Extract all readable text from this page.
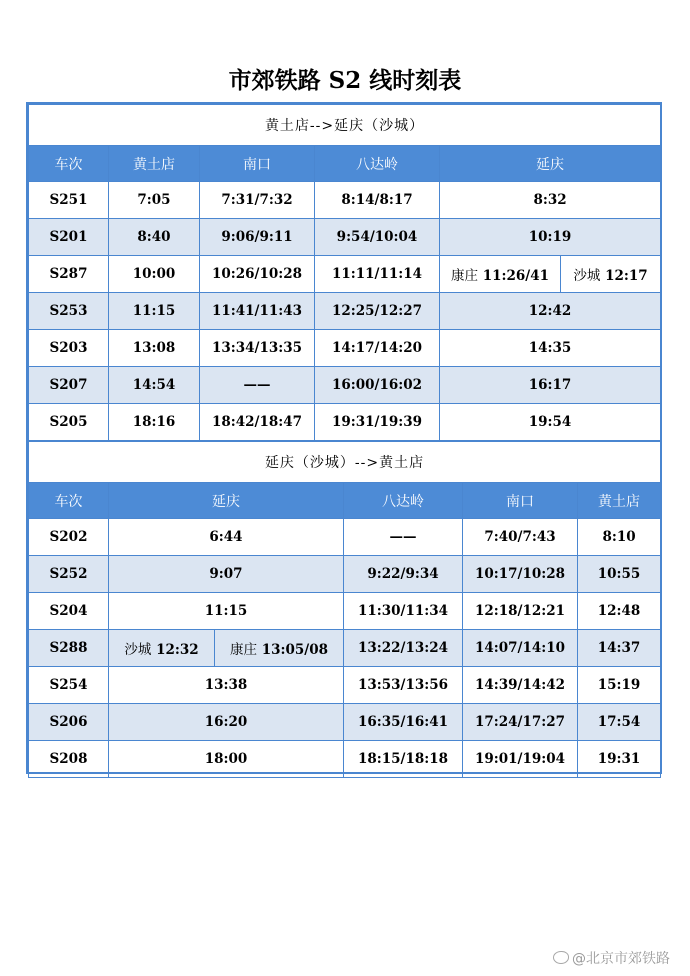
市郊铁路 S2 线时刻表
黄土店-->延庆（沙城）					
车次	黄土店	南口	八达岭	延庆	
S251	7:05	7:31/7:32	8:14/8:17	8:32	
S201	8:40	9:06/9:11	9:54/10:04	10:19	
S287	10:00	10:26/10:28	11:11/11:14	康庄 11:26/41	沙城 12:17
S253	11:15	11:41/11:43	12:25/12:27	12:42	
S203	13:08	13:34/13:35	14:17/14:20	14:35	
S207	14:54	——	16:00/16:02	16:17	
S205	18:16	18:42/18:47	19:31/19:39	19:54	
延庆（沙城）-->黄土店					
车次	延庆		八达岭	南口	黄土店
S202	6:44		——	7:40/7:43	8:10
S252	9:07		9:22/9:34	10:17/10:28	10:55
S204	11:15		11:30/11:34	12:18/12:21	12:48
S288	沙城 12:32	康庄 13:05/08	13:22/13:24	14:07/14:10	14:37
S254	13:38		13:53/13:56	14:39/14:42	15:19
S206	16:20		16:35/16:41	17:24/17:27	17:54
S208	18:00		18:15/18:18	19:01/19:04	19:31
@北京市郊铁路
